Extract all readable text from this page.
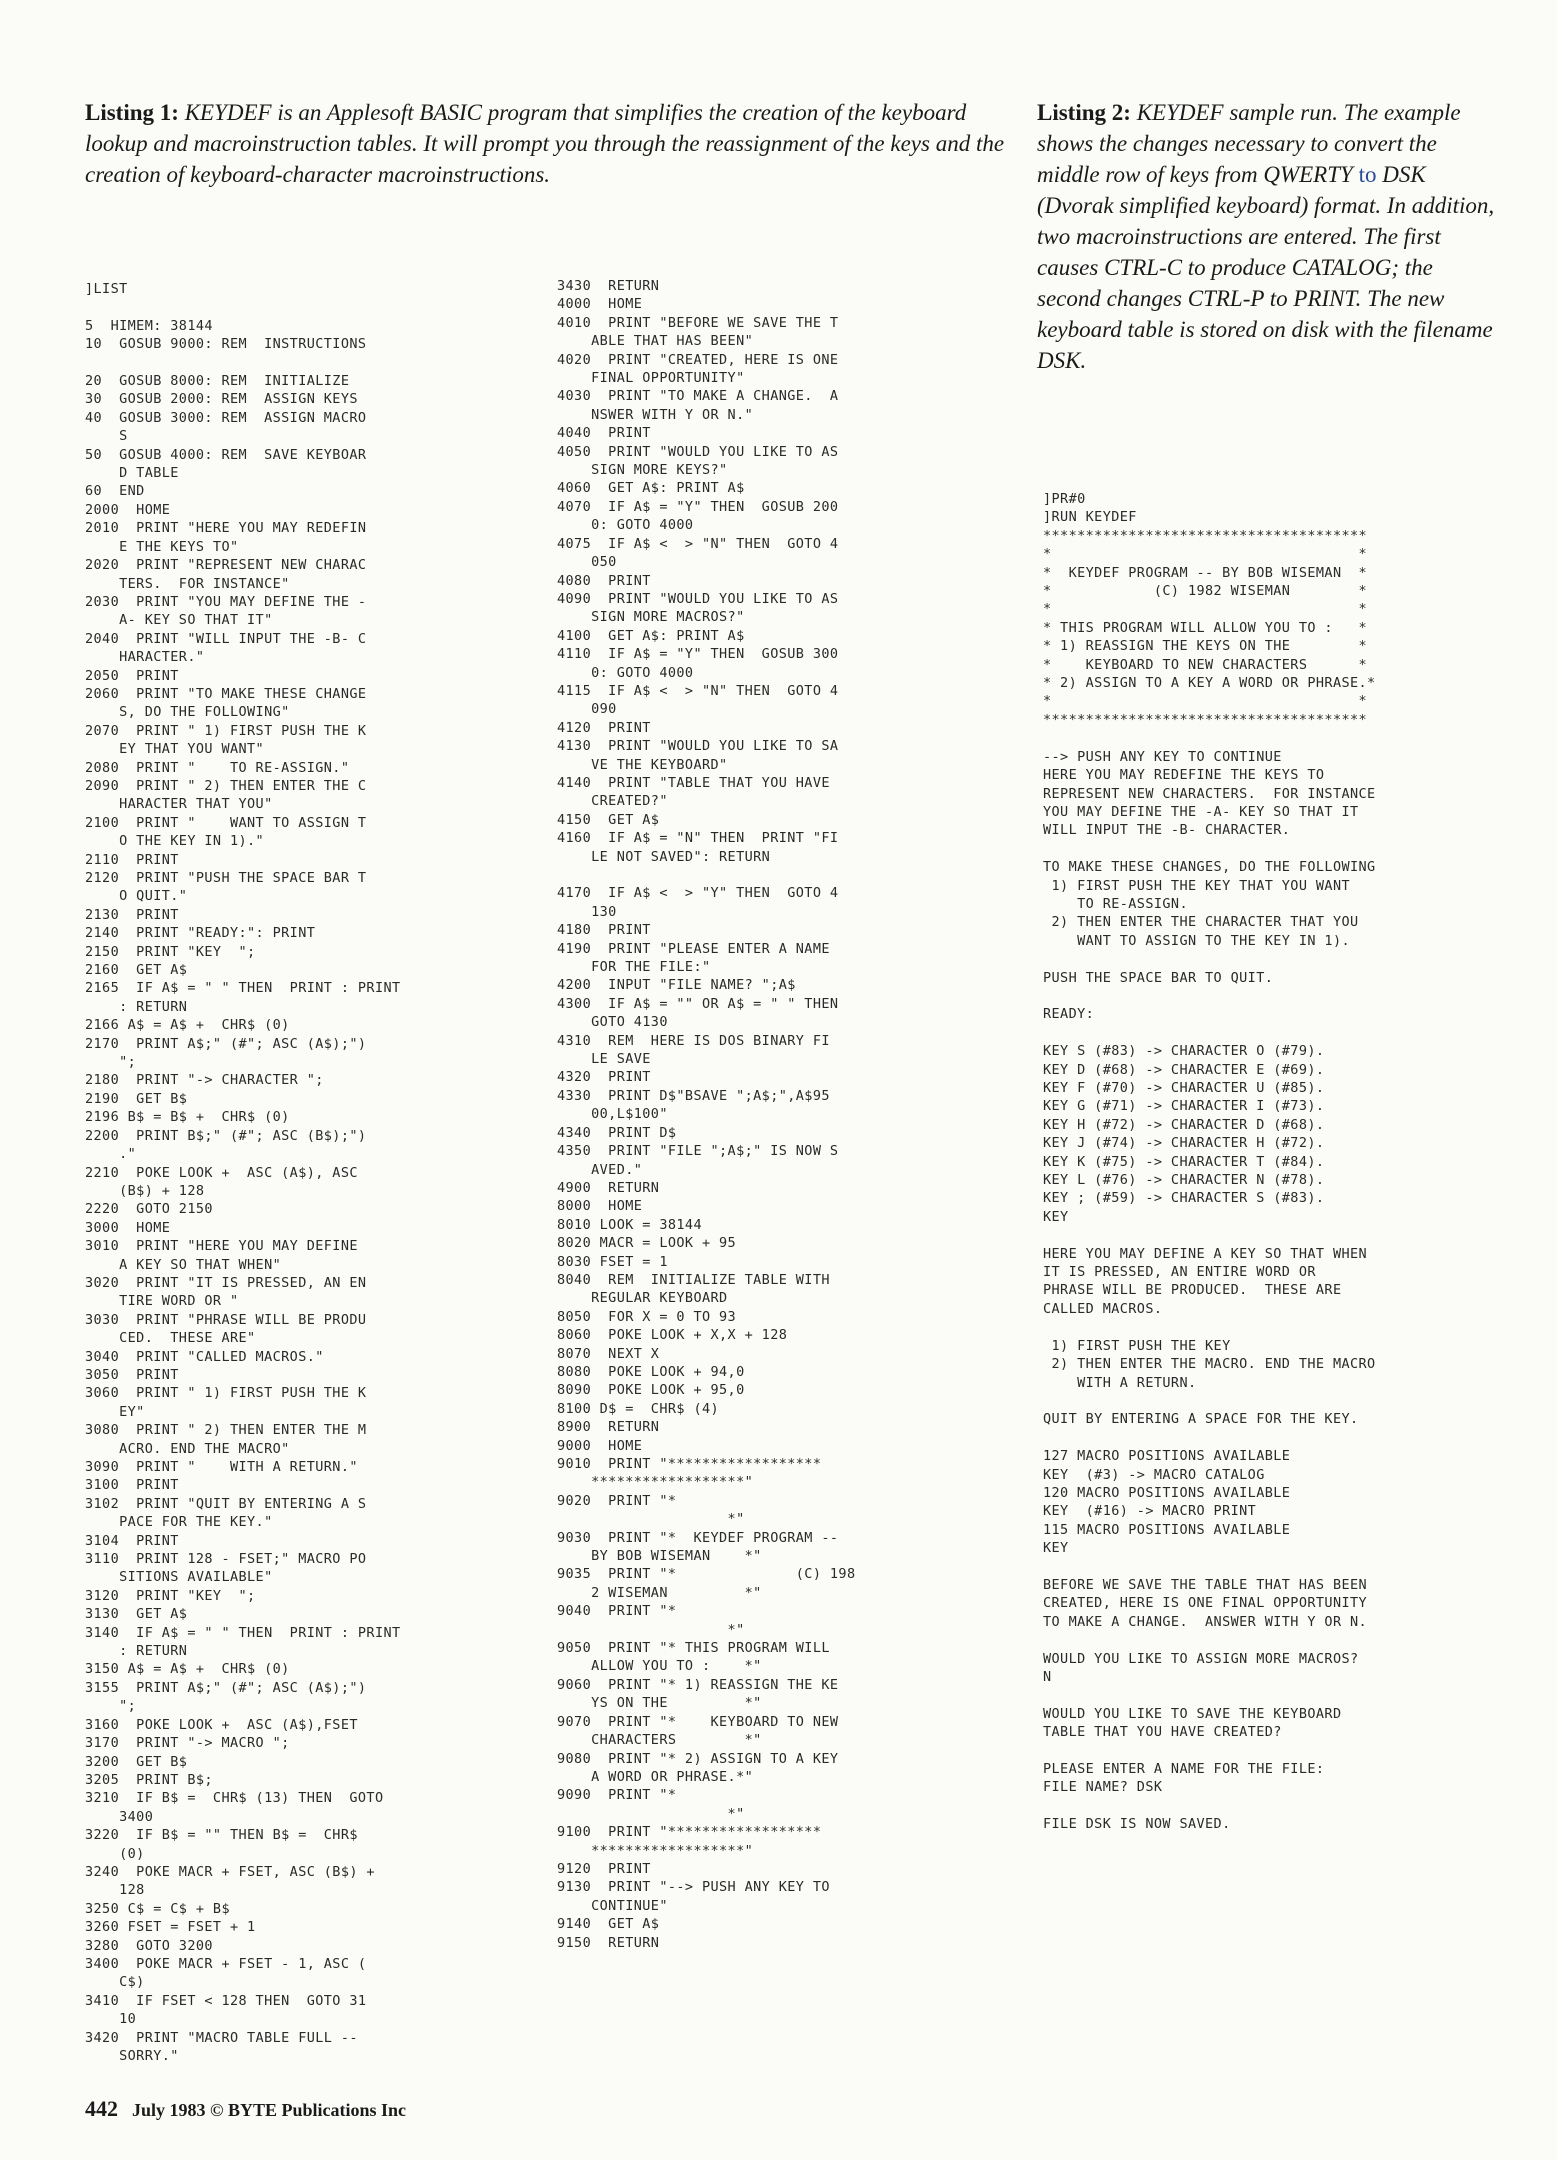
Listing 1: KEYDEF is an Applesoft BASIC program that simplifies the creation of the keyboard lookup and macroinstruction tables. It will prompt you through the reassignment of the keys and the creation of keyboard-character macroinstructions.

Listing 2: KEYDEF sample run. The example shows the changes necessary to convert the middle row of keys from QWERTY to DSK (Dvorak simplified keyboard) format. In addition, two macroinstructions are entered. The first causes CTRL-C to produce CATALOG; the second changes CTRL-P to PRINT. The new keyboard table is stored on disk with the filename DSK.

]LIST

5  HIMEM: 38144
10  GOSUB 9000: REM  INSTRUCTIONS

20  GOSUB 8000: REM  INITIALIZE
30  GOSUB 2000: REM  ASSIGN KEYS
40  GOSUB 3000: REM  ASSIGN MACRO
S
50  GOSUB 4000: REM  SAVE KEYBOAR
D TABLE
60  END
2000  HOME
2010  PRINT "HERE YOU MAY REDEFIN
E THE KEYS TO"
2020  PRINT "REPRESENT NEW CHARAC
TERS.  FOR INSTANCE"
2030  PRINT "YOU MAY DEFINE THE -
A- KEY SO THAT IT"
2040  PRINT "WILL INPUT THE -B- C
HARACTER."
2050  PRINT
2060  PRINT "TO MAKE THESE CHANGE
S, DO THE FOLLOWING"
2070  PRINT " 1) FIRST PUSH THE K
EY THAT YOU WANT"
2080  PRINT "    TO RE-ASSIGN."
2090  PRINT " 2) THEN ENTER THE C
HARACTER THAT YOU"
2100  PRINT "    WANT TO ASSIGN T
O THE KEY IN 1)."
2110  PRINT
2120  PRINT "PUSH THE SPACE BAR T
O QUIT."
2130  PRINT
2140  PRINT "READY:": PRINT
2150  PRINT "KEY  ";
2160  GET A$
2165  IF A$ = " " THEN  PRINT : PRINT
: RETURN
2166 A$ = A$ +  CHR$ (0)
2170  PRINT A$;" (#"; ASC (A$);")
";
2180  PRINT "-> CHARACTER ";
2190  GET B$
2196 B$ = B$ +  CHR$ (0)
2200  PRINT B$;" (#"; ASC (B$);")
."
2210  POKE LOOK +  ASC (A$), ASC
(B$) + 128
2220  GOTO 2150
3000  HOME
3010  PRINT "HERE YOU MAY DEFINE
A KEY SO THAT WHEN"
3020  PRINT "IT IS PRESSED, AN EN
TIRE WORD OR "
3030  PRINT "PHRASE WILL BE PRODU
CED.  THESE ARE"
3040  PRINT "CALLED MACROS."
3050  PRINT
3060  PRINT " 1) FIRST PUSH THE K
EY"
3080  PRINT " 2) THEN ENTER THE M
ACRO. END THE MACRO"
3090  PRINT "    WITH A RETURN."
3100  PRINT
3102  PRINT "QUIT BY ENTERING A S
PACE FOR THE KEY."
3104  PRINT
3110  PRINT 128 - FSET;" MACRO PO
SITIONS AVAILABLE"
3120  PRINT "KEY  ";
3130  GET A$
3140  IF A$ = " " THEN  PRINT : PRINT
: RETURN
3150 A$ = A$ +  CHR$ (0)
3155  PRINT A$;" (#"; ASC (A$);")
";
3160  POKE LOOK +  ASC (A$),FSET
3170  PRINT "-> MACRO ";
3200  GET B$
3205  PRINT B$;
3210  IF B$ =  CHR$ (13) THEN  GOTO
3400
3220  IF B$ = "" THEN B$ =  CHR$
(0)
3240  POKE MACR + FSET, ASC (B$) +
128
3250 C$ = C$ + B$
3260 FSET = FSET + 1
3280  GOTO 3200
3400  POKE MACR + FSET - 1, ASC (
C$)
3410  IF FSET < 128 THEN  GOTO 31
10
3420  PRINT "MACRO TABLE FULL --
SORRY."
3430  RETURN
4000  HOME
4010  PRINT "BEFORE WE SAVE THE T
ABLE THAT HAS BEEN"
4020  PRINT "CREATED, HERE IS ONE
FINAL OPPORTUNITY"
4030  PRINT "TO MAKE A CHANGE.  A
NSWER WITH Y OR N."
4040  PRINT
4050  PRINT "WOULD YOU LIKE TO AS
SIGN MORE KEYS?"
4060  GET A$: PRINT A$
4070  IF A$ = "Y" THEN  GOSUB 200
0: GOTO 4000
4075  IF A$ <  > "N" THEN  GOTO 4
050
4080  PRINT
4090  PRINT "WOULD YOU LIKE TO AS
SIGN MORE MACROS?"
4100  GET A$: PRINT A$
4110  IF A$ = "Y" THEN  GOSUB 300
0: GOTO 4000
4115  IF A$ <  > "N" THEN  GOTO 4
090
4120  PRINT
4130  PRINT "WOULD YOU LIKE TO SA
VE THE KEYBOARD"
4140  PRINT "TABLE THAT YOU HAVE
CREATED?"
4150  GET A$
4160  IF A$ = "N" THEN  PRINT "FI
LE NOT SAVED": RETURN

4170  IF A$ <  > "Y" THEN  GOTO 4
130
4180  PRINT
4190  PRINT "PLEASE ENTER A NAME
FOR THE FILE:"
4200  INPUT "FILE NAME? ";A$
4300  IF A$ = "" OR A$ = " " THEN
GOTO 4130
4310  REM  HERE IS DOS BINARY FI
LE SAVE
4320  PRINT
4330  PRINT D$"BSAVE ";A$;",A$95
00,L$100"
4340  PRINT D$
4350  PRINT "FILE ";A$;" IS NOW S
AVED."
4900  RETURN
8000  HOME
8010 LOOK = 38144
8020 MACR = LOOK + 95
8030 FSET = 1
8040  REM  INITIALIZE TABLE WITH
REGULAR KEYBOARD
8050  FOR X = 0 TO 93
8060  POKE LOOK + X,X + 128
8070  NEXT X
8080  POKE LOOK + 94,0
8090  POKE LOOK + 95,0
8100 D$ =  CHR$ (4)
8900  RETURN
9000  HOME
9010  PRINT "******************
******************"
9020  PRINT "*
*"
9030  PRINT "*  KEYDEF PROGRAM --
BY BOB WISEMAN    *"
9035  PRINT "*              (C) 198
2 WISEMAN         *"
9040  PRINT "*
*"
9050  PRINT "* THIS PROGRAM WILL
ALLOW YOU TO :    *"
9060  PRINT "* 1) REASSIGN THE KE
YS ON THE         *"
9070  PRINT "*    KEYBOARD TO NEW
CHARACTERS        *"
9080  PRINT "* 2) ASSIGN TO A KEY
A WORD OR PHRASE.*"
9090  PRINT "*
*"
9100  PRINT "******************
******************"
9120  PRINT
9130  PRINT "--> PUSH ANY KEY TO
CONTINUE"
9140  GET A$
9150  RETURN
]PR#0
]RUN KEYDEF
**************************************
*                                    *
*  KEYDEF PROGRAM -- BY BOB WISEMAN  *
*            (C) 1982 WISEMAN        *
*                                    *
* THIS PROGRAM WILL ALLOW YOU TO :   *
* 1) REASSIGN THE KEYS ON THE        *
*    KEYBOARD TO NEW CHARACTERS      *
* 2) ASSIGN TO A KEY A WORD OR PHRASE.*
*                                    *
**************************************

--> PUSH ANY KEY TO CONTINUE
HERE YOU MAY REDEFINE THE KEYS TO
REPRESENT NEW CHARACTERS.  FOR INSTANCE
YOU MAY DEFINE THE -A- KEY SO THAT IT
WILL INPUT THE -B- CHARACTER.

TO MAKE THESE CHANGES, DO THE FOLLOWING
1) FIRST PUSH THE KEY THAT YOU WANT
TO RE-ASSIGN.
2) THEN ENTER THE CHARACTER THAT YOU
WANT TO ASSIGN TO THE KEY IN 1).

PUSH THE SPACE BAR TO QUIT.

READY:

KEY S (#83) -> CHARACTER O (#79).
KEY D (#68) -> CHARACTER E (#69).
KEY F (#70) -> CHARACTER U (#85).
KEY G (#71) -> CHARACTER I (#73).
KEY H (#72) -> CHARACTER D (#68).
KEY J (#74) -> CHARACTER H (#72).
KEY K (#75) -> CHARACTER T (#84).
KEY L (#76) -> CHARACTER N (#78).
KEY ; (#59) -> CHARACTER S (#83).
KEY

HERE YOU MAY DEFINE A KEY SO THAT WHEN
IT IS PRESSED, AN ENTIRE WORD OR
PHRASE WILL BE PRODUCED.  THESE ARE
CALLED MACROS.

1) FIRST PUSH THE KEY
2) THEN ENTER THE MACRO. END THE MACRO
WITH A RETURN.

QUIT BY ENTERING A SPACE FOR THE KEY.

127 MACRO POSITIONS AVAILABLE
KEY  (#3) -> MACRO CATALOG
120 MACRO POSITIONS AVAILABLE
KEY  (#16) -> MACRO PRINT
115 MACRO POSITIONS AVAILABLE
KEY

BEFORE WE SAVE THE TABLE THAT HAS BEEN
CREATED, HERE IS ONE FINAL OPPORTUNITY
TO MAKE A CHANGE.  ANSWER WITH Y OR N.

WOULD YOU LIKE TO ASSIGN MORE MACROS?
N

WOULD YOU LIKE TO SAVE THE KEYBOARD
TABLE THAT YOU HAVE CREATED?

PLEASE ENTER A NAME FOR THE FILE:
FILE NAME? DSK

FILE DSK IS NOW SAVED.

442 July 1983 © BYTE Publications Inc
